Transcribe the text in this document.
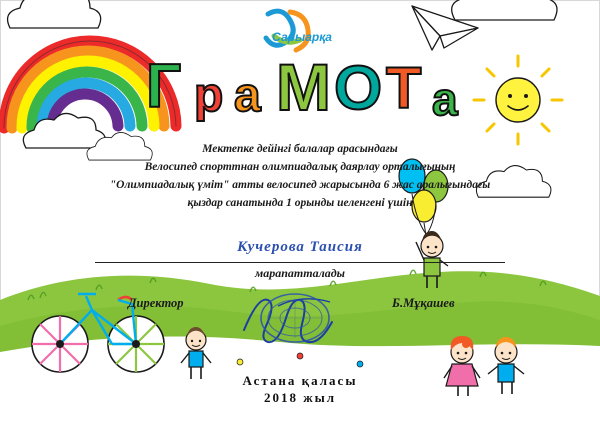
Сарыарқа
Г р а М О Т а
Мектепке дейінгі балалар арасындағы
Велосипед спорттнан олимпиадалық даярлау орталығының
"Олимпиадалық үміт" атты велосипед жарысында 6 жас аралығындағы
қыздар санатында 1 орынды иеленгені үшін
Кучерова Таисия
марапатталады
Директор	Б.Мұқашев
Астана қаласы
2018 жыл
